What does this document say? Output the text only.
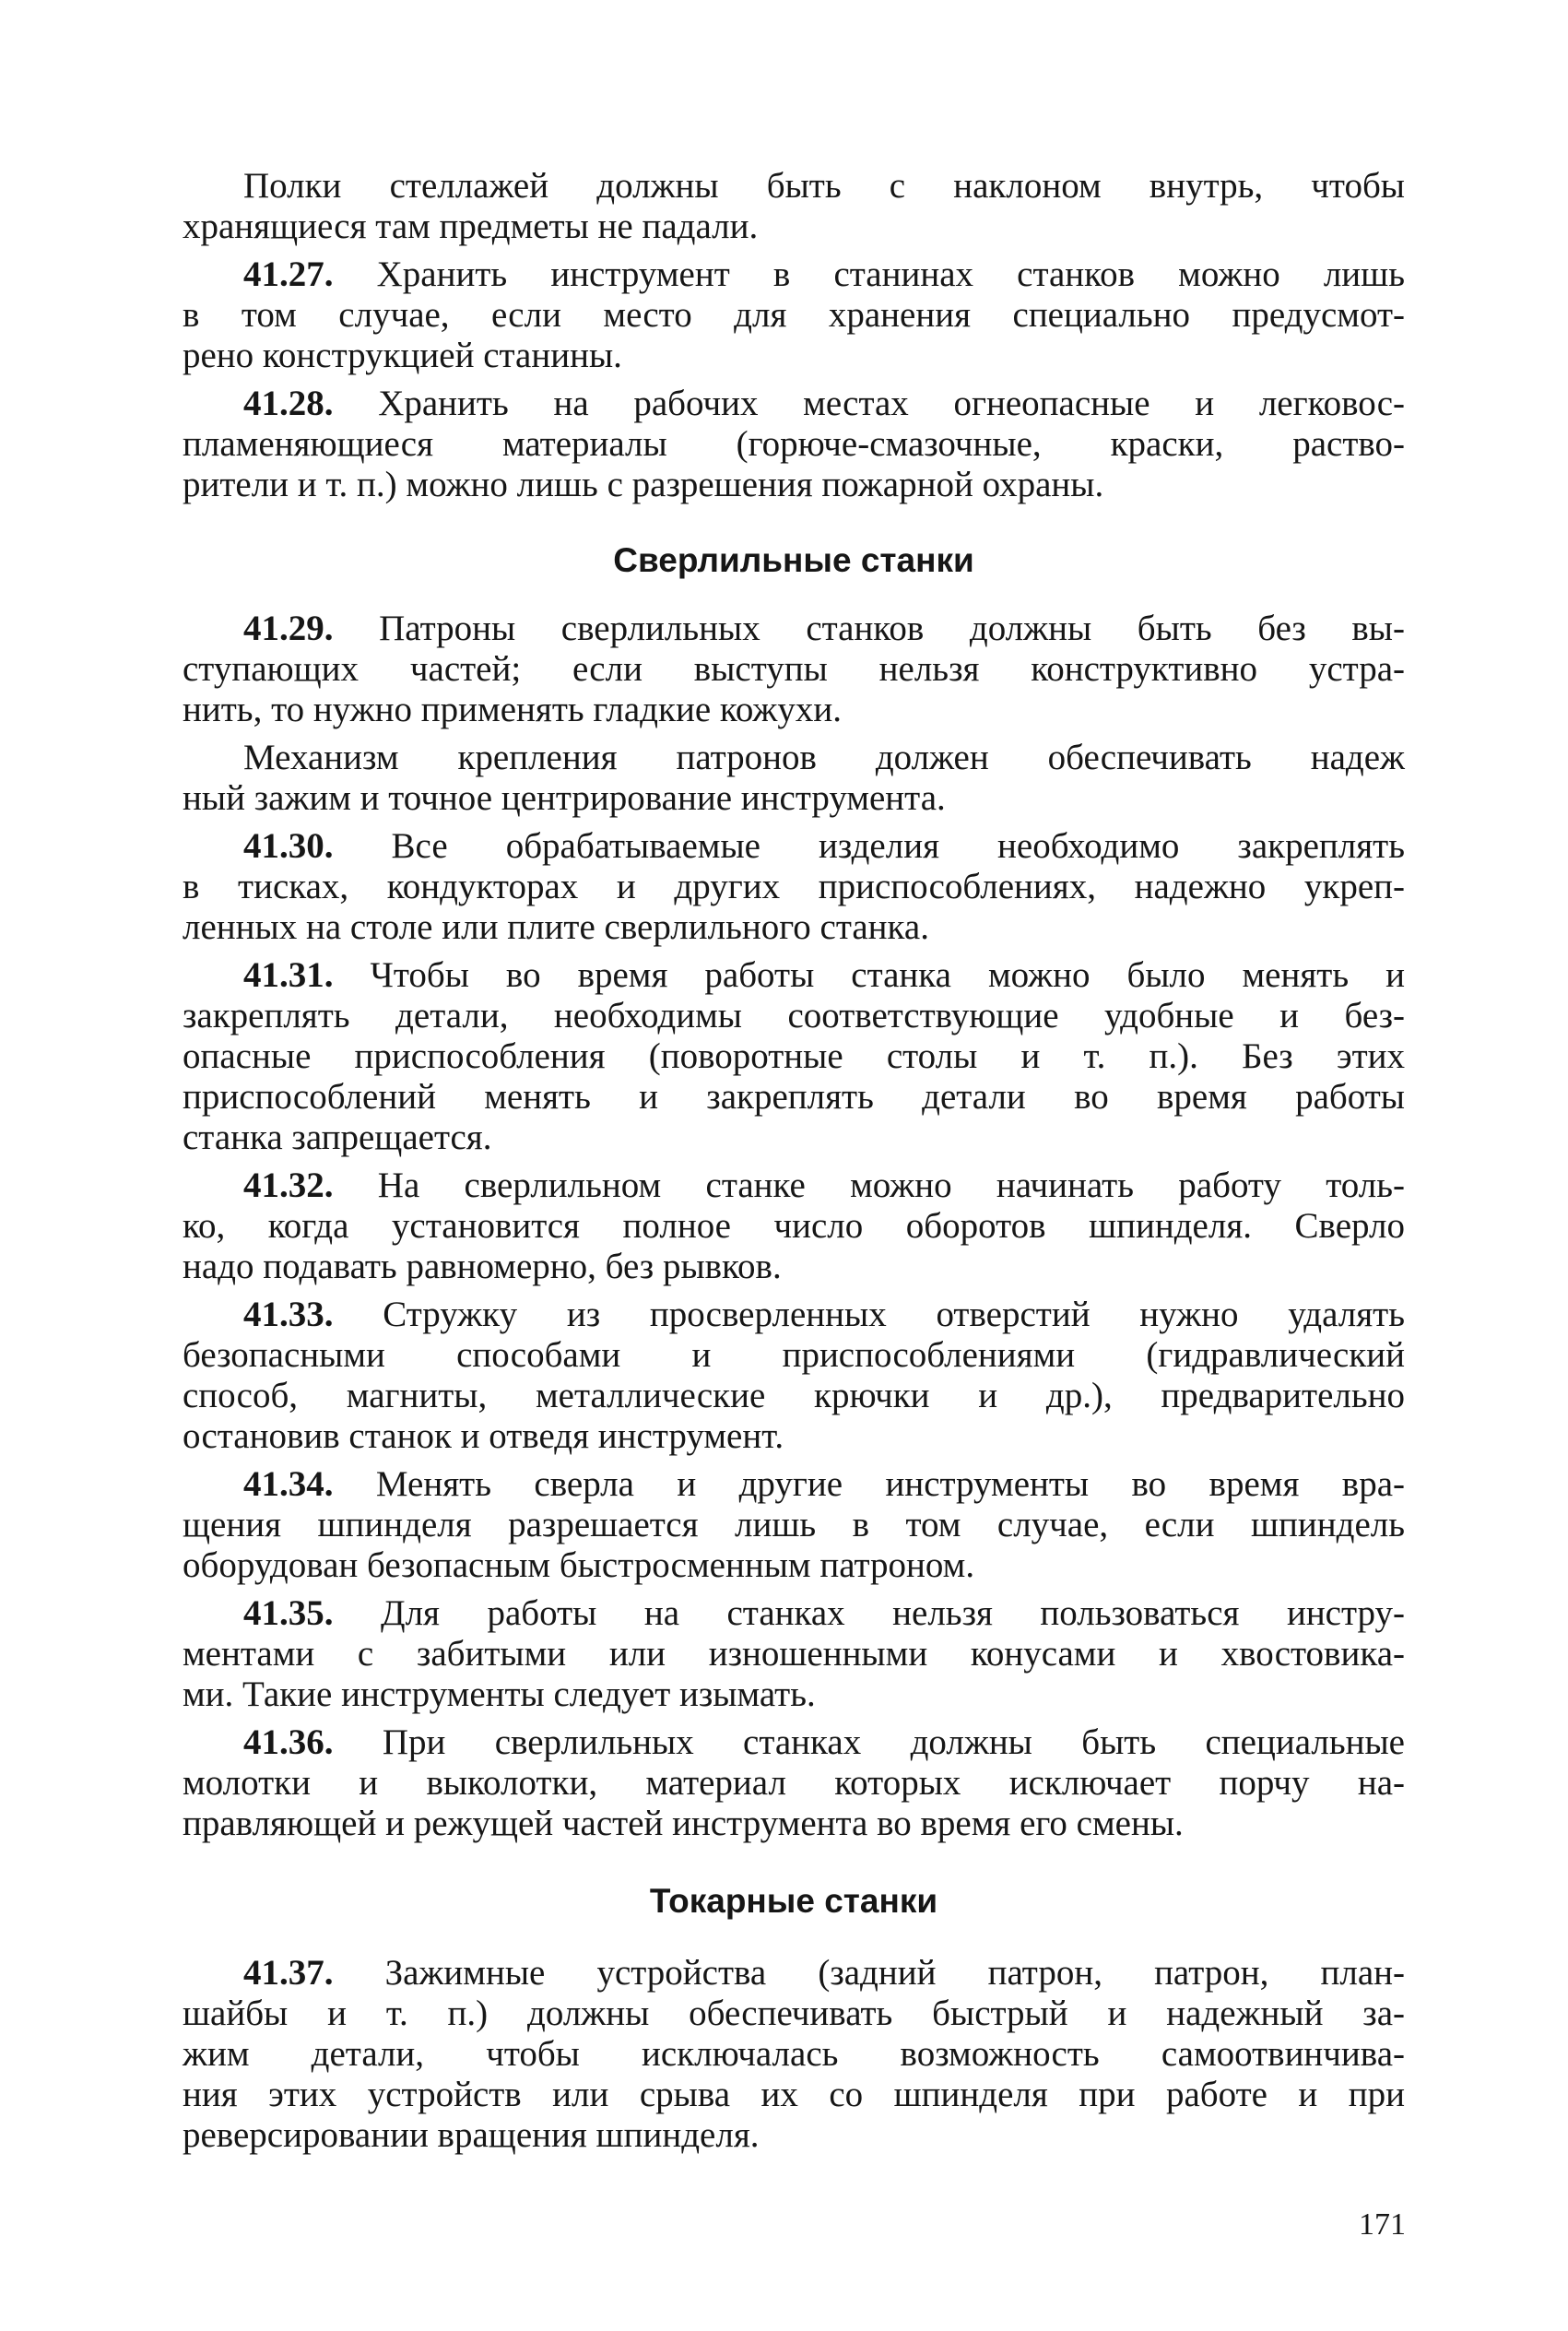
Полки стеллажей должны быть с наклоном внутрь, чтобы
хранящиеся там предметы не падали.
41.27. Хранить инструмент в станинах станков можно лишь
в том случае, если место для хранения специально предусмот-
рено конструкцией станины.
41.28. Хранить на рабочих местах огнеопасные и легковос-
пламеняющиеся материалы (горюче-смазочные, краски, раство-
рители и т. п.) можно лишь с разрешения пожарной охраны.
Сверлильные станки
41.29. Патроны сверлильных станков должны быть без вы-
ступающих частей; если выступы нельзя конструктивно устра-
нить, то нужно применять гладкие кожухи.
Механизм крепления патронов должен обеспечивать надеж
ный зажим и точное центрирование инструмента.
41.30. Все обрабатываемые изделия необходимо закреплять
в тисках, кондукторах и других приспособлениях, надежно укреп-
ленных на столе или плите сверлильного станка.
41.31. Чтобы во время работы станка можно было менять и
закреплять детали, необходимы соответствующие удобные и без-
опасные приспособления (поворотные столы и т. п.). Без этих
приспособлений менять и закреплять детали во время работы
станка запрещается.
41.32. На сверлильном станке можно начинать работу толь-
ко, когда установится полное число оборотов шпинделя. Сверло
надо подавать равномерно, без рывков.
41.33. Стружку из просверленных отверстий нужно удалять
безопасными способами и приспособлениями (гидравлический
способ, магниты, металлические крючки и др.), предварительно
остановив станок и отведя инструмент.
41.34. Менять сверла и другие инструменты во время вра-
щения шпинделя разрешается лишь в том случае, если шпиндель
оборудован безопасным быстросменным патроном.
41.35. Для работы на станках нельзя пользоваться инстру-
ментами с забитыми или изношенными конусами и хвостовика-
ми. Такие инструменты следует изымать.
41.36. При сверлильных станках должны быть специальные
молотки и выколотки, материал которых исключает порчу на-
правляющей и режущей частей инструмента во время его смены.
Токарные станки
41.37. Зажимные устройства (задний патрон, патрон, план-
шайбы и т. п.) должны обеспечивать быстрый и надежный за-
жим детали, чтобы исключалась возможность самоотвинчива-
ния этих устройств или срыва их со шпинделя при работе и при
реверсировании вращения шпинделя.
171
